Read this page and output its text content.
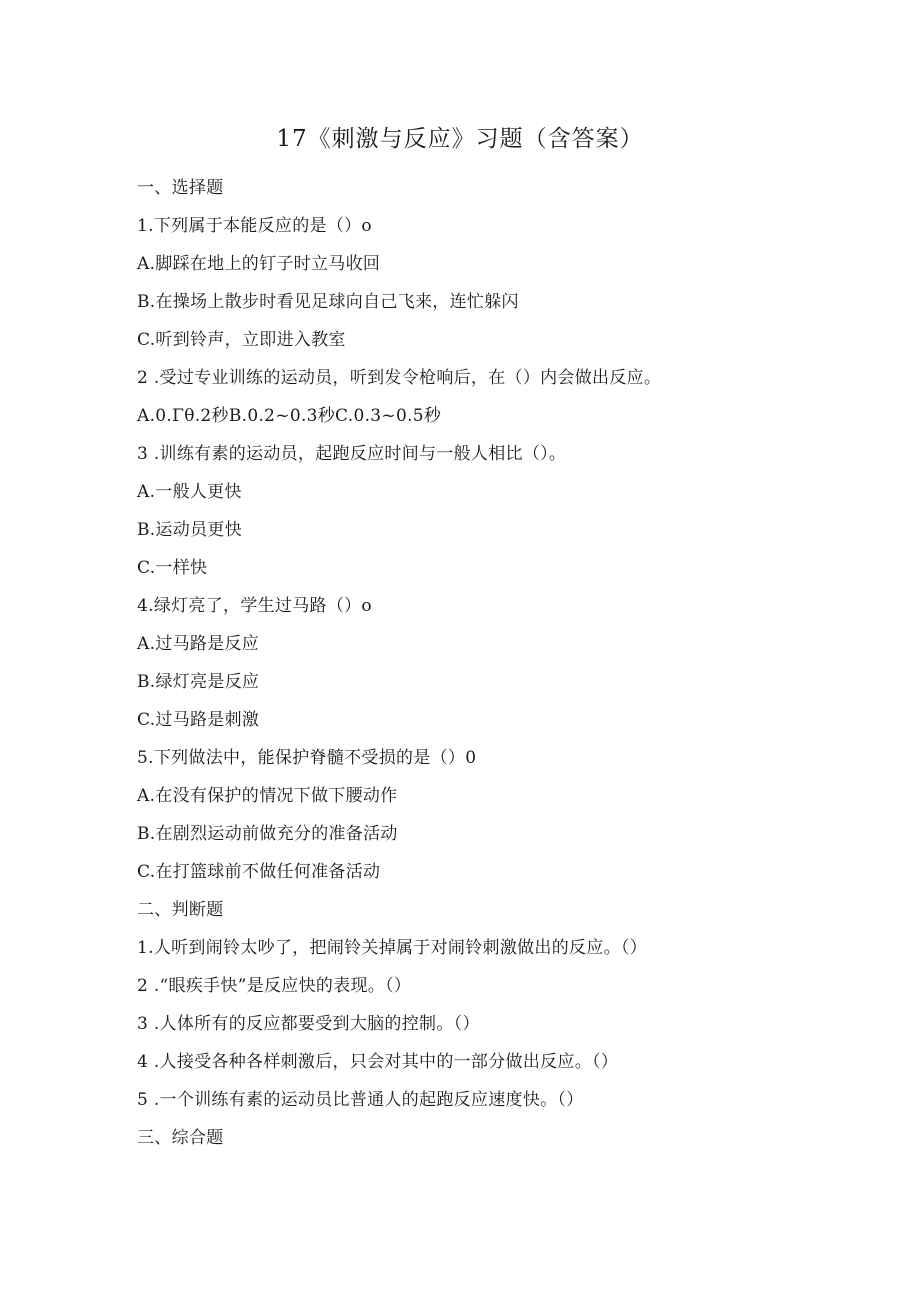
17《刺激与反应》习题（含答案）
一、选择题
1.下列属于本能反应的是（）o
A.脚踩在地上的钉子时立马收回
B.在操场上散步时看见足球向自己飞来，连忙躲闪
C.听到铃声，立即进入教室
2 .受过专业训练的运动员，听到发令枪响后，在（）内会做出反应。
A.0.Γθ.2秒B.0.2~0.3秒C.0.3~0.5秒
3 .训练有素的运动员，起跑反应时间与一般人相比（）。
A.一般人更快
B.运动员更快
C.一样快
4.绿灯亮了，学生过马路（）o
A.过马路是反应
B.绿灯亮是反应
C.过马路是刺激
5.下列做法中，能保护脊髓不受损的是（）0
A.在没有保护的情况下做下腰动作
B.在剧烈运动前做充分的准备活动
C.在打篮球前不做任何准备活动
二、判断题
1.人听到闹铃太吵了，把闹铃关掉属于对闹铃刺激做出的反应。（）
2 .“眼疾手快”是反应快的表现。（）
3 .人体所有的反应都要受到大脑的控制。（）
4 .人接受各种各样刺激后，只会对其中的一部分做出反应。（）
5 .一个训练有素的运动员比普通人的起跑反应速度快。（）
三、综合题
